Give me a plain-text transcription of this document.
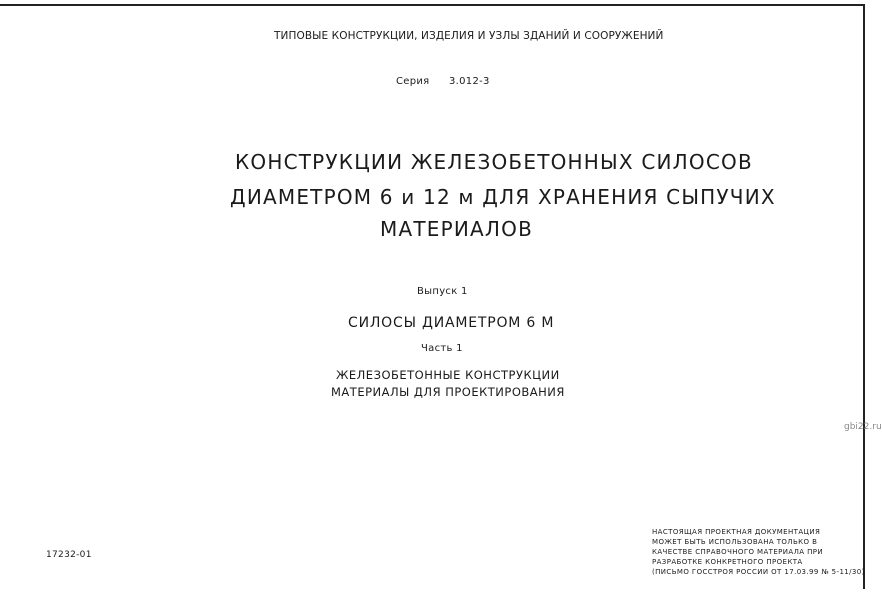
ТИПОВЫЕ КОНСТРУКЦИИ, ИЗДЕЛИЯ И УЗЛЫ ЗДАНИЙ И СООРУЖЕНИЙ
Серия 3.012-3
КОНСТРУКЦИИ ЖЕЛЕЗОБЕТОННЫХ СИЛОСОВ
ДИАМЕТРОМ 6 и 12 м ДЛЯ ХРАНЕНИЯ СЫПУЧИХ
МАТЕРИАЛОВ
Выпуск 1
СИЛОСЫ ДИАМЕТРОМ 6 М
Часть 1
ЖЕЛЕЗОБЕТОННЫЕ КОНСТРУКЦИИ
МАТЕРИАЛЫ ДЛЯ ПРОЕКТИРОВАНИЯ
gbi22.ru
17232-01
НАСТОЯЩАЯ ПРОЕКТНАЯ ДОКУМЕНТАЦИЯ
МОЖЕТ БЫТЬ ИСПОЛЬЗОВАНА ТОЛЬКО В
КАЧЕСТВЕ СПРАВОЧНОГО МАТЕРИАЛА ПРИ
РАЗРАБОТКЕ КОНКРЕТНОГО ПРОЕКТА
(ПИСЬМО ГОССТРОЯ РОССИИ ОТ 17.03.99 № 5-11/30)
